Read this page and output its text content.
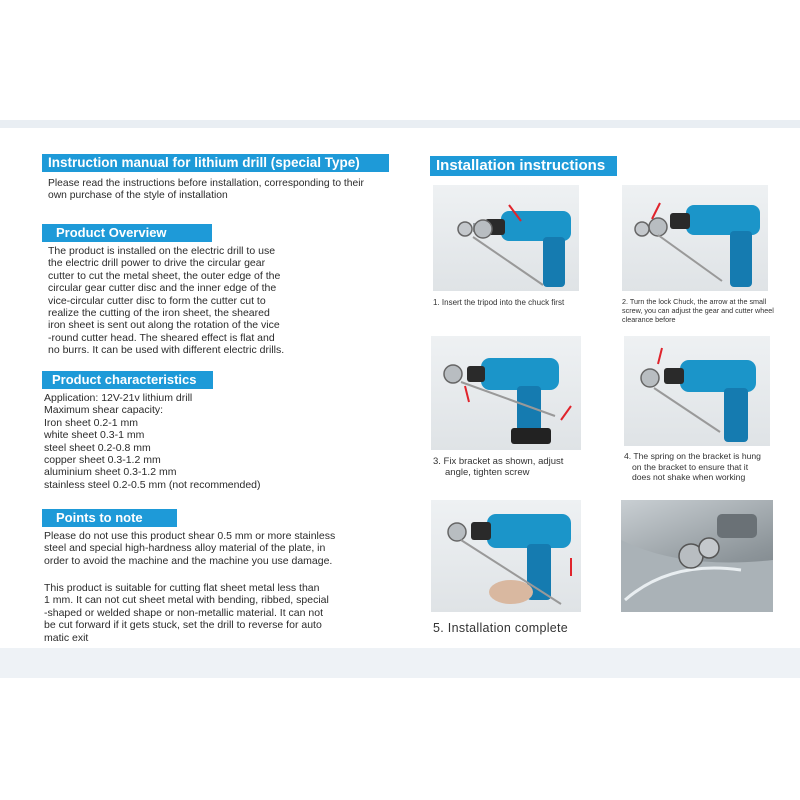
Instruction manual for lithium drill (special Type)
Please read the instructions before installation, corresponding to their
own purchase of the style of installation
Product Overview
The product is installed on the electric drill to use
the electric drill power to drive the circular gear
cutter to cut the metal sheet, the outer edge of the
circular gear cutter disc and the inner edge of the
vice-circular cutter disc to form the cutter cut to
realize the cutting of the iron sheet, the sheared
iron sheet is sent out along the rotation of the vice
-round cutter head. The sheared effect is flat and
no burrs. It can be used with different electric drills.
Product characteristics
Application: 12V-21v lithium drill
Maximum shear capacity:
Iron sheet 0.2-1 mm
white sheet 0.3-1 mm
steel sheet 0.2-0.8 mm
copper sheet 0.3-1.2 mm
aluminium sheet 0.3-1.2 mm
stainless steel 0.2-0.5 mm (not recommended)
Points to note
Please do not use this product shear 0.5 mm or more stainless
steel and special high-hardness alloy material of the plate, in
order to avoid the machine and the machine you use damage.
This product is suitable for cutting flat sheet metal less than
1 mm. It can not cut sheet metal with bending, ribbed, special
-shaped or welded shape or non-metallic material. It can not
be cut forward if it gets stuck, set the drill to reverse for auto
matic exit
Installation instructions
1. Insert the tripod into the chuck first	2. Turn the lock Chuck, the arrow at the small
screw, you can adjust the gear and cutter wheel
clearance before
3. Fix bracket as shown, adjust
angle, tighten screw
4. The spring on the bracket is hung
on the bracket to ensure that it
does not shake when working
5. Installation complete
